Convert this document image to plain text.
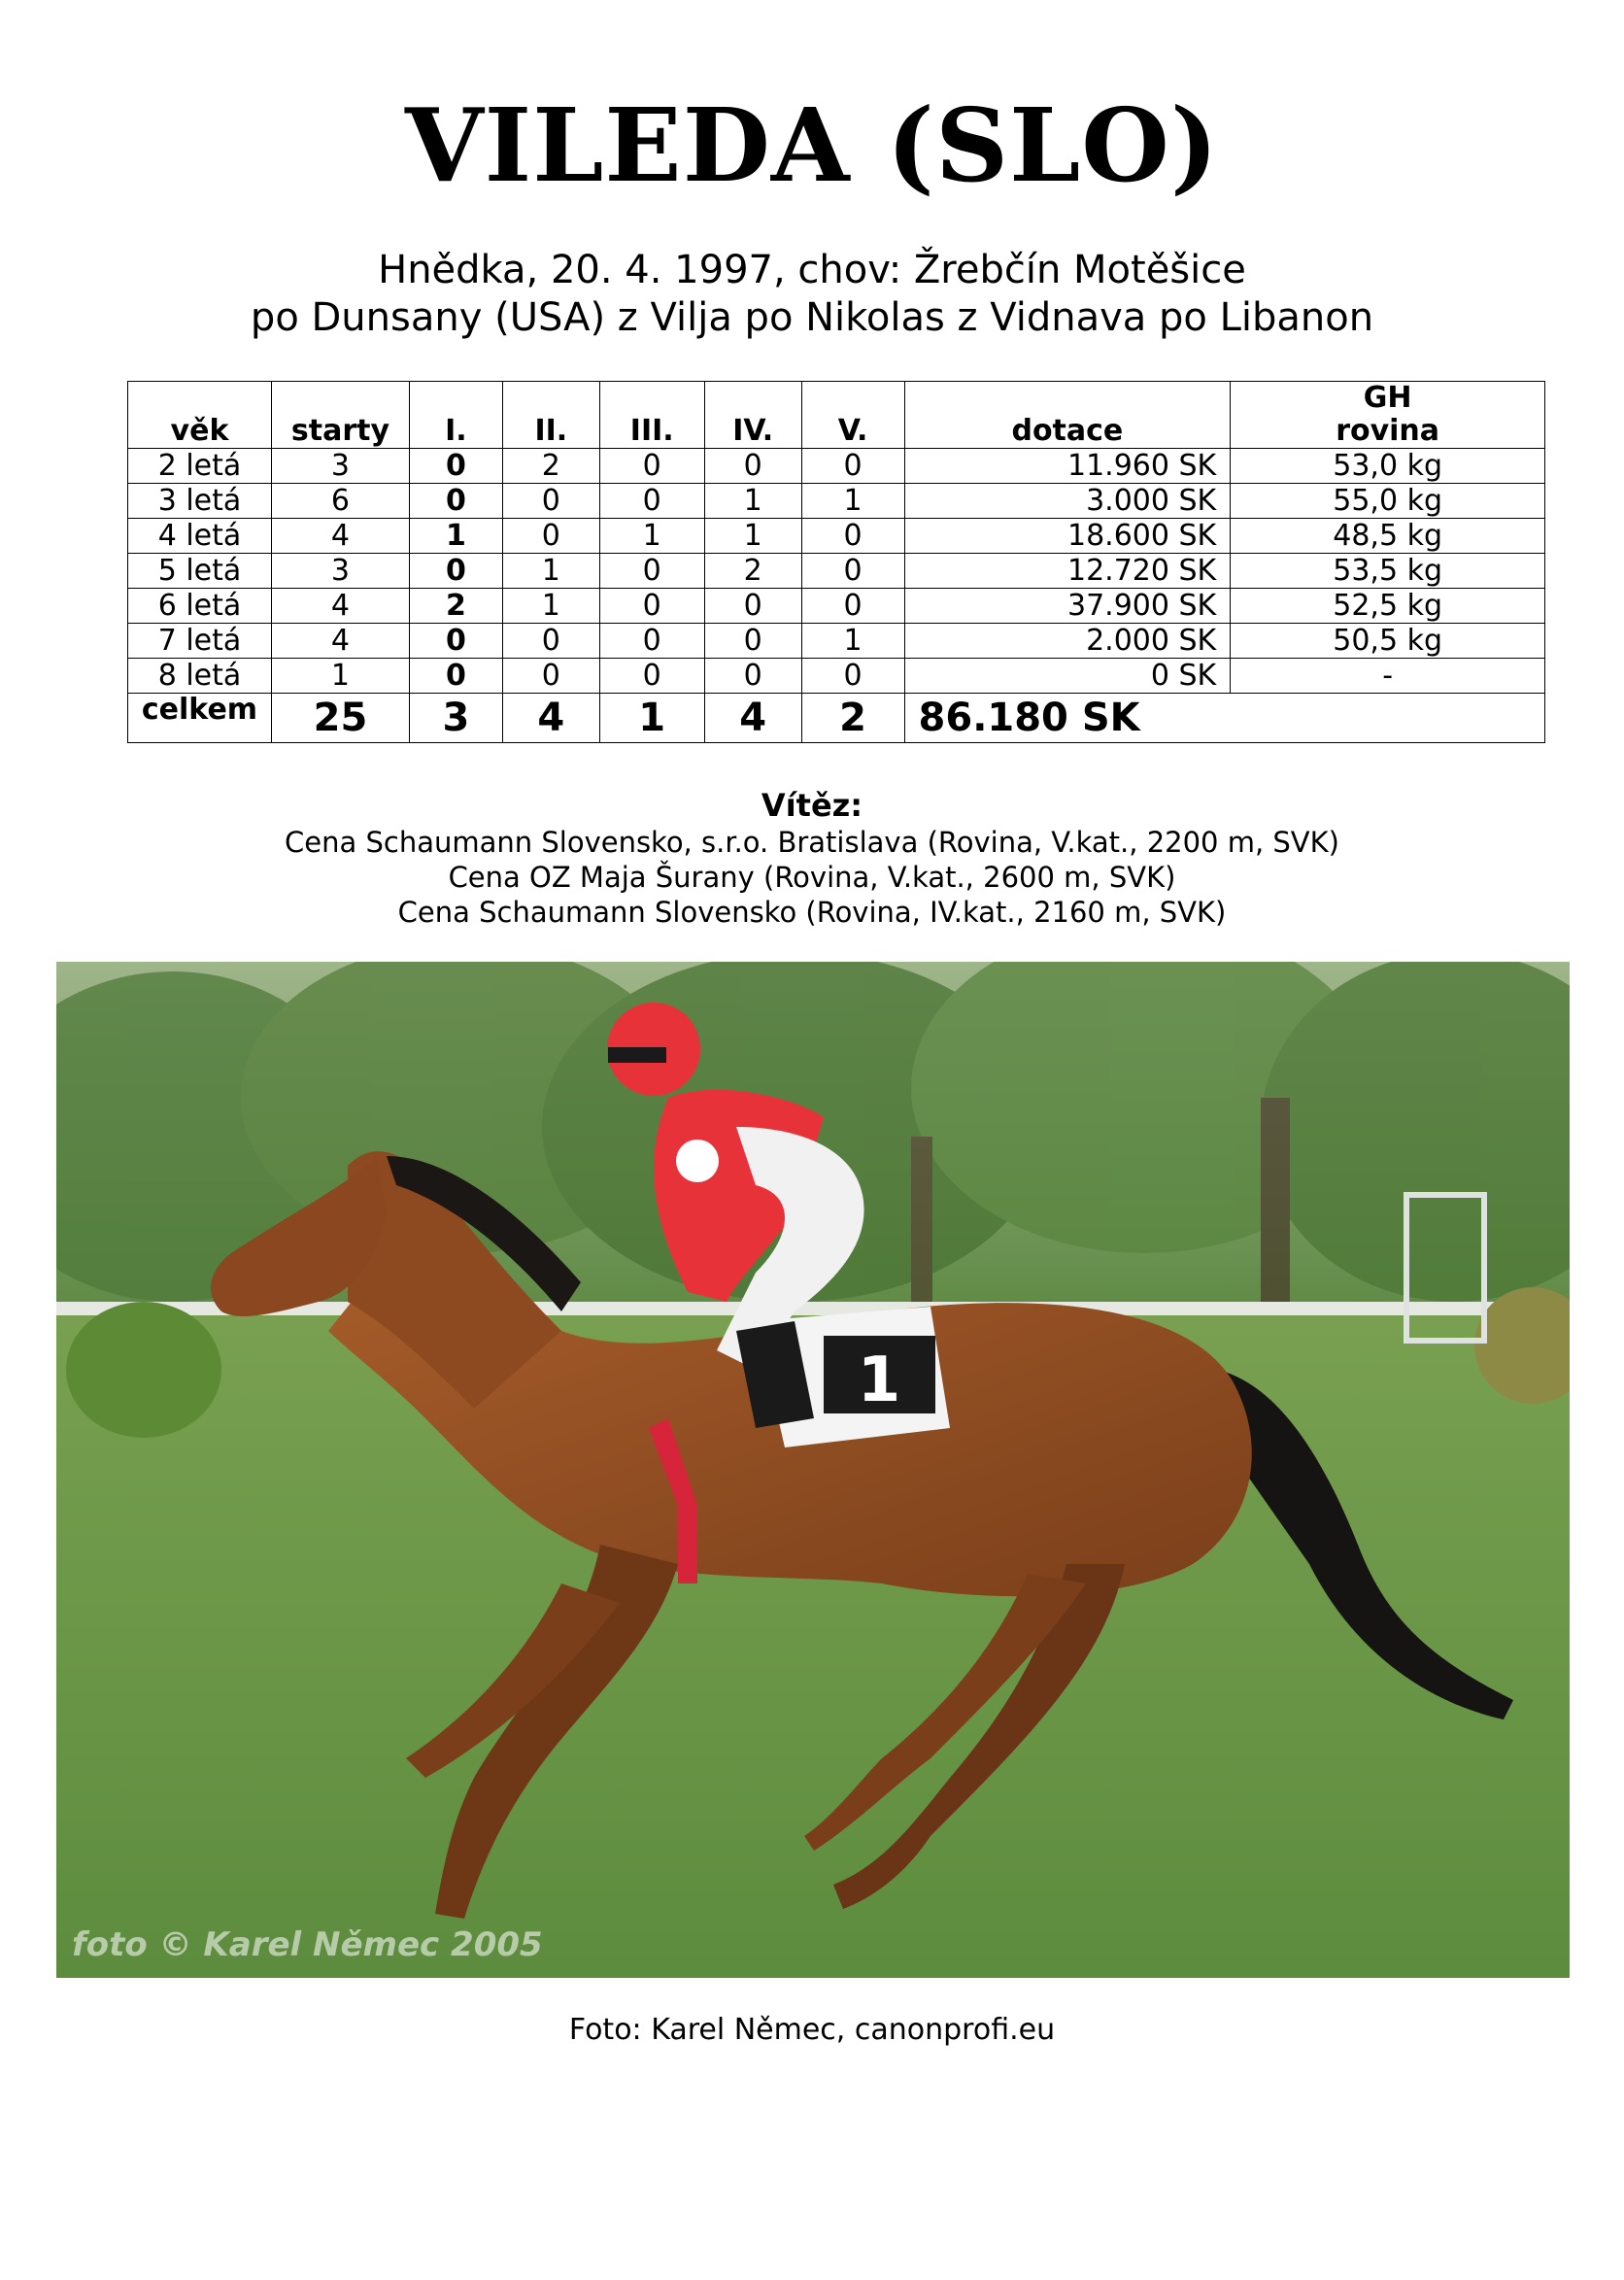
VILEDA (SLO)
Hnědka, 20. 4. 1997, chov: Žrebčín Motěšice
po Dunsany (USA) z Vilja po Nikolas z Vidnava po Libanon
věk	starty	I.	II.	III.	IV.	V.	dotace	GH
rovina
2 letá	3	0	2	0	0	0	11.960 SK	53,0 kg
3 letá	6	0	0	0	1	1	3.000 SK	55,0 kg
4 letá	4	1	0	1	1	0	18.600 SK	48,5 kg
5 letá	3	0	1	0	2	0	12.720 SK	53,5 kg
6 letá	4	2	1	0	0	0	37.900 SK	52,5 kg
7 letá	4	0	0	0	0	1	2.000 SK	50,5 kg
8 letá	1	0	0	0	0	0	0 SK	-
celkem	25	3	4	1	4	2	86.180 SK	
Vítěz:
Cena Schaumann Slovensko, s.r.o. Bratislava (Rovina, V.kat., 2200 m, SVK)
Cena OZ Maja Šurany (Rovina, V.kat., 2600 m, SVK)
Cena Schaumann Slovensko (Rovina, IV.kat., 2160 m, SVK)
1
foto © Karel Němec 2005
Foto: Karel Němec, canonprofi.eu
